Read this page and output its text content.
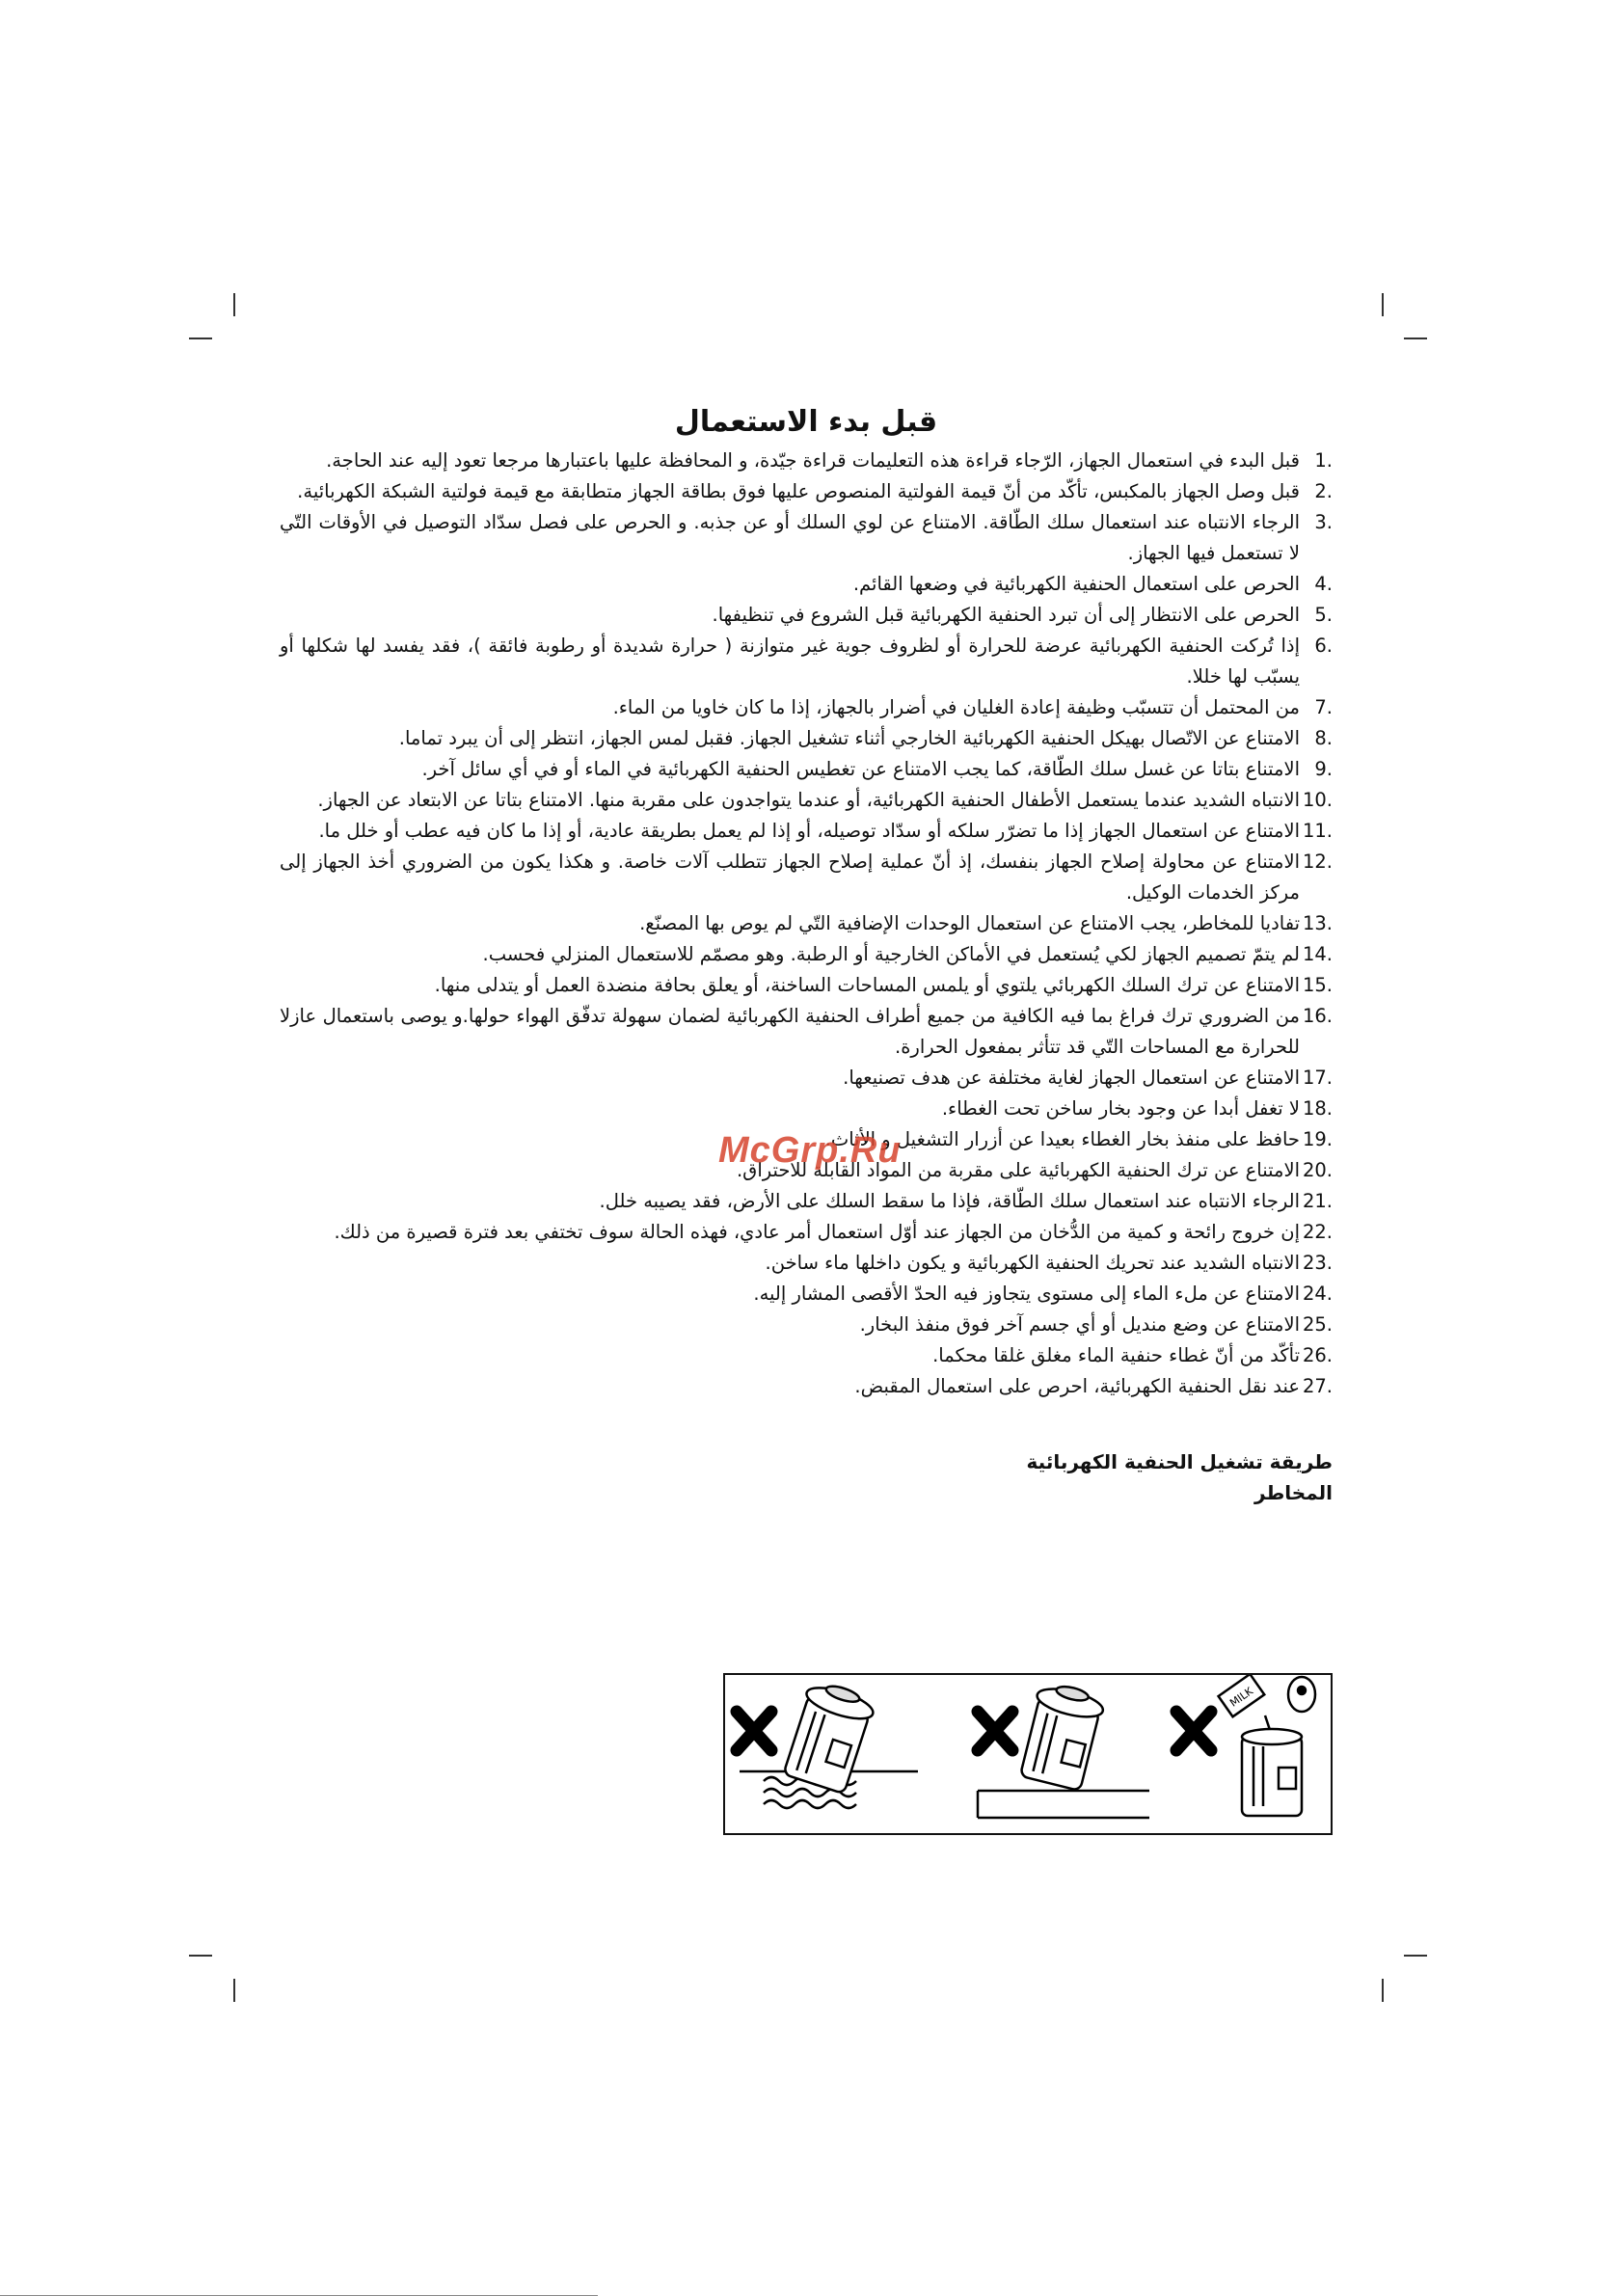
قبل بدء الاستعمال
1.
قبل البدء في استعمال الجهاز، الرّجاء قراءة هذه التعليمات قراءة جيّدة، و المحافظة عليها باعتبارها مرجعا تعود إليه عند الحاجة.
2.
قبل وصل الجهاز بالمكبس، تأكّد من أنّ قيمة الفولتية المنصوص عليها فوق بطاقة الجهاز متطابقة مع قيمة فولتية الشبكة الكهربائية.
3.
الرجاء الانتباه عند استعمال سلك الطّاقة. الامتناع عن لوي السلك أو عن جذبه. و الحرص على فصل سدّاد التوصيل في الأوقات التّي لا تستعمل فيها الجهاز.
4.
الحرص على استعمال الحنفية الكهربائية في وضعها القائم.
5.
الحرص على الانتظار إلى أن تبرد الحنفية الكهربائية قبل الشروع في تنظيفها.
6.
إذا تُركت الحنفية الكهربائية عرضة للحرارة أو لظروف جوية غير متوازنة ( حرارة شديدة أو رطوبة فائقة )، فقد يفسد لها شكلها أو يسبّب لها خللا.
7.
من المحتمل أن تتسبّب وظيفة إعادة الغليان في أضرار بالجهاز، إذا ما كان خاويا من الماء.
8.
الامتناع عن الاتّصال بهيكل الحنفية الكهربائية الخارجي أثناء تشغيل الجهاز. فقبل لمس الجهاز، انتظر إلى أن يبرد تماما.
9.
الامتناع بتاتا عن غسل سلك الطّاقة، كما يجب الامتناع عن تغطيس الحنفية الكهربائية في الماء أو في أي سائل آخر.
10.
الانتباه الشديد عندما يستعمل الأطفال الحنفية الكهربائية، أو عندما يتواجدون على مقربة منها. الامتناع بتاتا عن الابتعاد عن الجهاز.
11.
الامتناع عن استعمال الجهاز إذا ما تضرّر سلكه أو سدّاد توصيله، أو إذا لم يعمل بطريقة عادية، أو إذا ما كان فيه عطب أو خلل ما.
12.
الامتناع عن محاولة إصلاح الجهاز بنفسك، إذ أنّ عملية إصلاح الجهاز تتطلب آلات خاصة. و هكذا يكون من الضروري أخذ الجهاز إلى مركز الخدمات الوكيل.
13.
تفاديا للمخاطر، يجب الامتناع عن استعمال الوحدات الإضافية التّي لم يوص بها المصنّع.
14.
لم يتمّ تصميم الجهاز لكي يُستعمل في الأماكن الخارجية أو الرطبة. وهو مصمّم للاستعمال المنزلي فحسب.
15.
الامتناع عن ترك السلك الكهربائي يلتوي أو يلمس المساحات الساخنة، أو يعلق بحافة منضدة العمل أو يتدلى منها.
16.
من الضروري ترك فراغ بما فيه الكافية من جميع أطراف الحنفية الكهربائية لضمان سهولة تدفّق الهواء حولها.و يوصى باستعمال عازلا للحرارة مع المساحات التّي قد تتأثر بمفعول الحرارة.
17.
الامتناع عن استعمال الجهاز لغاية مختلفة عن هدف تصنيعها.
18.
لا تغفل أبدا عن وجود بخار ساخن تحت الغطاء.
19.
حافظ على منفذ بخار الغطاء بعيدا عن أزرار التشغيل و الأثاث.
20.
الامتناع عن ترك الحنفية الكهربائية على مقربة من المواد القابلة للاحتراق.
21.
الرجاء الانتباه عند استعمال سلك الطّاقة، فإذا ما سقط السلك على الأرض، فقد يصيبه خلل.
22.
إن خروج رائحة و كمية من الدُّخان من الجهاز عند أوّل استعمال أمر عادي، فهذه الحالة سوف تختفي بعد فترة قصيرة من ذلك.
23.
الانتباه الشديد عند تحريك الحنفية الكهربائية و يكون داخلها ماء ساخن.
24.
الامتناع عن ملء الماء إلى مستوى يتجاوز فيه الحدّ الأقصى المشار إليه.
25.
الامتناع عن وضع منديل أو أي جسم آخر فوق منفذ البخار.
26.
تأكّد من أنّ غطاء حنفية الماء مغلق غلقا محكما.
27.
عند نقل الحنفية الكهربائية، احرص على استعمال المقبض.
طريقة تشغيل الحنفية الكهربائية
المخاطر
MILK
McGrp.Ru
